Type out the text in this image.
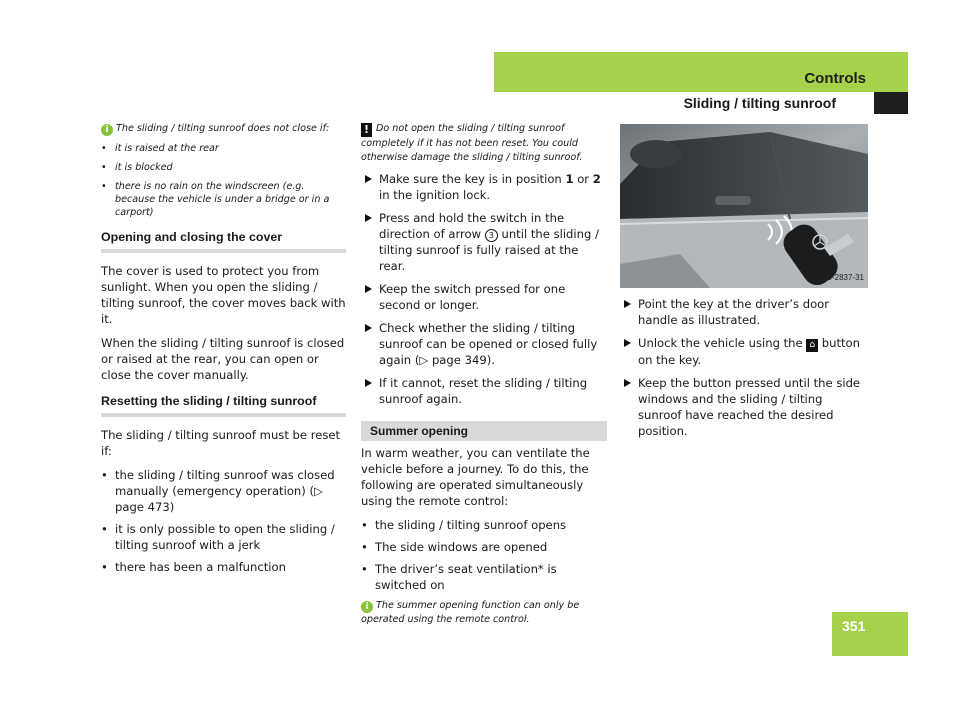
Controls
Sliding / tilting sunroof

i The sliding / tilting sunroof does not close if:

• it is raised at the rear
• it is blocked
• there is no rain on the windscreen (e.g. because the vehicle is under a bridge or in a carport)
Opening and closing the cover

The cover is used to protect you from sunlight. When you open the sliding / tilting sunroof, the cover moves back with it.

When the sliding / tilting sunroof is closed or raised at the rear, you can open or close the cover manually.

Resetting the sliding / tilting sunroof

The sliding / tilting sunroof must be reset if:

• the sliding / tilting sunroof was closed manually (emergency operation) (▷ page 473)
• it is only possible to open the sliding / tilting sunroof with a jerk
• there has been a malfunction

! Do not open the sliding / tilting sunroof completely if it has not been reset. You could otherwise damage the sliding / tilting sunroof.

Make sure the key is in position 1 or 2 in the ignition lock.
Press and hold the switch in the direction of arrow 3 until the sliding / tilting sunroof is fully raised at the rear.
Keep the switch pressed for one second or longer.
Check whether the sliding / tilting sunroof can be opened or closed fully again (▷ page 349).
If it cannot, reset the sliding / tilting sunroof again.
Summer opening

In warm weather, you can ventilate the vehicle before a journey. To do this, the following are operated simultaneously using the remote control:

• the sliding / tilting sunroof opens
• The side windows are opened
• The driver’s seat ventilation* is switched on

i The summer opening function can only be operated using the remote control.

P80.20-2837-31
Point the key at the driver’s door handle as illustrated.
Unlock the vehicle using the ⌂ button on the key.
Keep the button pressed until the side windows and the sliding / tilting sunroof have reached the desired position.
351
